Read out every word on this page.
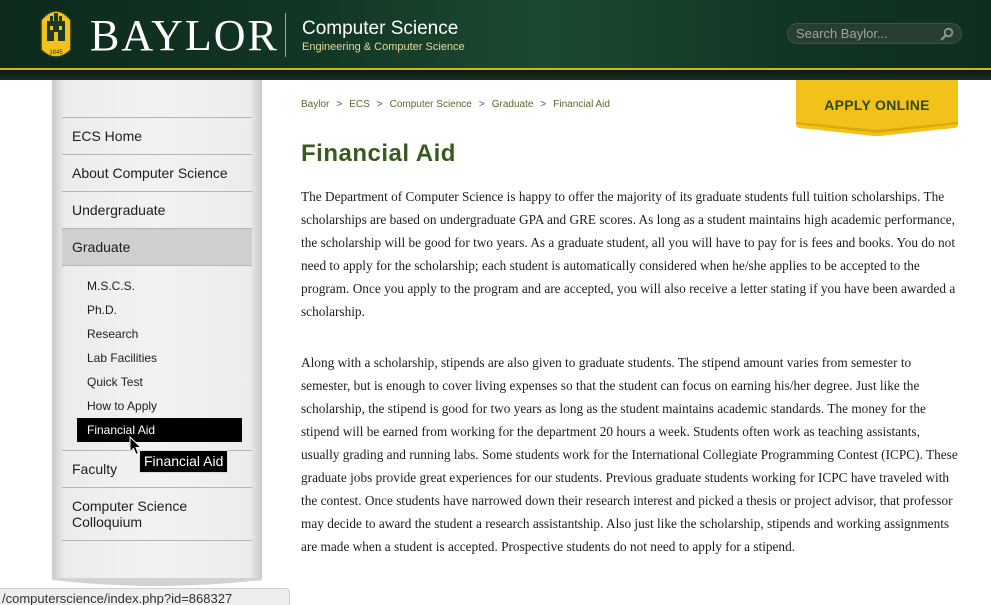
1845 BAYLOR Computer Science
Engineering & Computer Science
Search Baylor...
ECS Home
About Computer Science
Undergraduate
Graduate
M.S.C.S.
Ph.D.
Research
Lab Facilities
Quick Test
How to Apply
Financial Aid
Faculty
Computer Science Colloquium
Financial Aid
Baylor > ECS > Computer Science > Graduate > Financial Aid	APPLY ONLINE
Financial Aid

The Department of Computer Science is happy to offer the majority of its graduate students full tuition scholarships. The scholarships are based on undergraduate GPA and GRE scores. As long as a student maintains high academic performance, the scholarship will be good for two years. As a graduate student, all you will have to pay for is fees and books. You do not need to apply for the scholarship; each student is automatically considered when he/she applies to be accepted to the program. Once you apply to the program and are accepted, you will also receive a letter stating if you have been awarded a scholarship.

Along with a scholarship, stipends are also given to graduate students. The stipend amount varies from semester to semester, but is enough to cover living expenses so that the student can focus on earning his/her degree. Just like the scholarship, the stipend is good for two years as long as the student maintains academic standards. The money for the stipend will be earned from working for the department 20 hours a week. Students often work as teaching assistants, usually grading and running labs. Some students work for the International Collegiate Programming Contest (ICPC). These graduate jobs provide great experiences for our students. Previous graduate students working for ICPC have traveled with the contest. Once students have narrowed down their research interest and picked a thesis or project advisor, that professor may decide to award the student a research assistantship. Also just like the scholarship, stipends and working assignments are made when a student is accepted. Prospective students do not need to apply for a stipend.

/computerscience/index.php?id=868327
